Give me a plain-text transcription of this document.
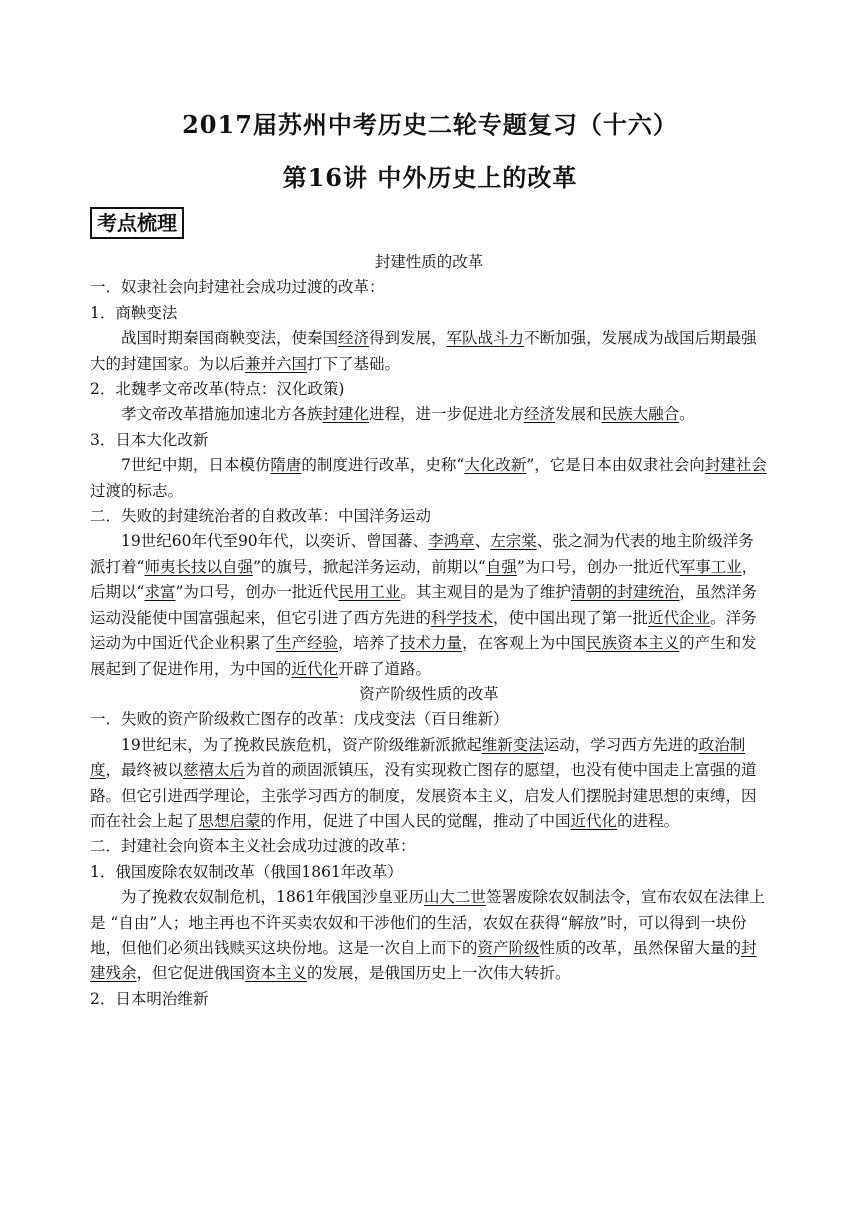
2017届苏州中考历史二轮专题复习（十六）
第16讲 中外历史上的改革
考点梳理

封建性质的改革

一．奴隶社会向封建社会成功过渡的改革：

1．商鞅变法

战国时期秦国商鞅变法，使秦国经济得到发展，军队战斗力不断加强，发展成为战国后期最强大的封建国家。为以后兼并六国打下了基础。

2．北魏孝文帝改革(特点：汉化政策)

孝文帝改革措施加速北方各族封建化进程，进一步促进北方经济发展和民族大融合。

3．日本大化改新

7世纪中期，日本模仿隋唐的制度进行改革，史称“大化改新”，它是日本由奴隶社会向封建社会过渡的标志。

二．失败的封建统治者的自救改革：中国洋务运动

19世纪60年代至90年代，以奕䜣、曾国蕃、李鸿章、左宗棠、张之洞为代表的地主阶级洋务派打着“师夷长技以自强”的旗号，掀起洋务运动，前期以“自强”为口号，创办一批近代军事工业，后期以“求富”为口号，创办一批近代民用工业。其主观目的是为了维护清朝的封建统治，虽然洋务运动没能使中国富强起来，但它引进了西方先进的科学技术，使中国出现了第一批近代企业。洋务运动为中国近代企业积累了生产经验，培养了技术力量，在客观上为中国民族资本主义的产生和发展起到了促进作用，为中国的近代化开辟了道路。

资产阶级性质的改革

一．失败的资产阶级救亡图存的改革：戊戌变法（百日维新）

19世纪末，为了挽救民族危机，资产阶级维新派掀起维新变法运动，学习西方先进的政治制度，最终被以慈禧太后为首的顽固派镇压，没有实现救亡图存的愿望，也没有使中国走上富强的道路。但它引进西学理论，主张学习西方的制度，发展资本主义，启发人们摆脱封建思想的束缚，因而在社会上起了思想启蒙的作用，促进了中国人民的觉醒，推动了中国近代化的进程。

二．封建社会向资本主义社会成功过渡的改革：

1．俄国废除农奴制改革（俄国1861年改革）

为了挽救农奴制危机，1861年俄国沙皇亚历山大二世签署废除农奴制法令，宣布农奴在法律上是 “自由”人；地主再也不许买卖农奴和干涉他们的生活，农奴在获得“解放”时，可以得到一块份地，但他们必须出钱赎买这块份地。这是一次自上而下的资产阶级性质的改革，虽然保留大量的封建残余，但它促进俄国资本主义的发展，是俄国历史上一次伟大转折。

2．日本明治维新
